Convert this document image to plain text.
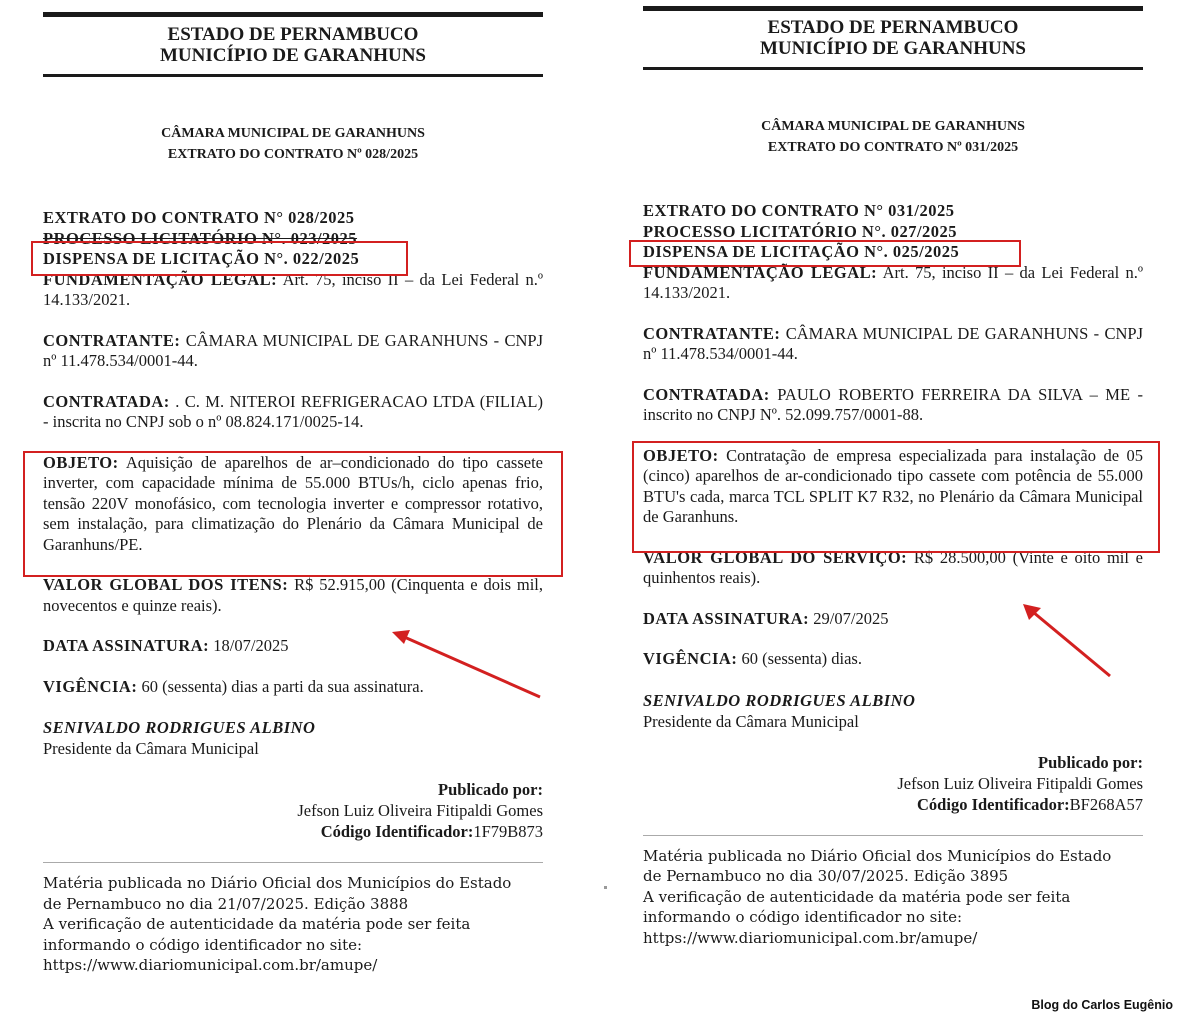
ESTADO DE PERNAMBUCO
MUNICÍPIO DE GARANHUNS
CÂMARA MUNICIPAL DE GARANHUNS
EXTRATO DO CONTRATO Nº 028/2025

EXTRATO DO CONTRATO N° 028/2025

PROCESSO LICITATÓRIO N°. 023/2025

DISPENSA DE LICITAÇÃO N°. 022/2025

FUNDAMENTAÇÃO LEGAL: Art. 75, inciso II – da Lei Federal n.º 14.133/2021.

CONTRATANTE: CÂMARA MUNICIPAL DE GARANHUNS - CNPJ nº 11.478.534/0001-44.

CONTRATADA: . C. M. NITEROI REFRIGERACAO LTDA (FILIAL) - inscrita no CNPJ sob o nº 08.824.171/0025-14.

OBJETO: Aquisição de aparelhos de ar–condicionado do tipo cassete inverter, com capacidade mínima de 55.000 BTUs/h, ciclo apenas frio, tensão 220V monofásico, com tecnologia inverter e compressor rotativo, sem instalação, para climatização do Plenário da Câmara Municipal de Garanhuns/PE.

VALOR GLOBAL DOS ITENS: R$ 52.915,00 (Cinquenta e dois mil, novecentos e quinze reais).

DATA ASSINATURA: 18/07/2025

VIGÊNCIA: 60 (sessenta) dias a parti da sua assinatura.

SENIVALDO RODRIGUES ALBINO
Presidente da Câmara Municipal
Publicado por:
Jefson Luiz Oliveira Fitipaldi Gomes
Código Identificador:1F79B873
Matéria publicada no Diário Oficial dos Municípios do Estado
de Pernambuco no dia 21/07/2025. Edição 3888
A verificação de autenticidade da matéria pode ser feita
informando o código identificador no site:
https://www.diariomunicipal.com.br/amupe/
ESTADO DE PERNAMBUCO
MUNICÍPIO DE GARANHUNS
CÂMARA MUNICIPAL DE GARANHUNS
EXTRATO DO CONTRATO Nº 031/2025

EXTRATO DO CONTRATO N° 031/2025

PROCESSO LICITATÓRIO N°. 027/2025

DISPENSA DE LICITAÇÃO N°. 025/2025

FUNDAMENTAÇÃO LEGAL: Art. 75, inciso II – da Lei Federal n.º 14.133/2021.

CONTRATANTE: CÂMARA MUNICIPAL DE GARANHUNS - CNPJ nº 11.478.534/0001-44.

CONTRATADA: PAULO ROBERTO FERREIRA DA SILVA – ME - inscrito no CNPJ Nº. 52.099.757/0001-88.

OBJETO: Contratação de empresa especializada para instalação de 05 (cinco) aparelhos de ar-condicionado tipo cassete com potência de 55.000 BTU's cada, marca TCL SPLIT K7 R32, no Plenário da Câmara Municipal de Garanhuns.

VALOR GLOBAL DO SERVIÇO: R$ 28.500,00 (Vinte e oito mil e quinhentos reais).

DATA ASSINATURA: 29/07/2025

VIGÊNCIA: 60 (sessenta) dias.

SENIVALDO RODRIGUES ALBINO
Presidente da Câmara Municipal
Publicado por:
Jefson Luiz Oliveira Fitipaldi Gomes
Código Identificador:BF268A57
Matéria publicada no Diário Oficial dos Municípios do Estado
de Pernambuco no dia 30/07/2025. Edição 3895
A verificação de autenticidade da matéria pode ser feita
informando o código identificador no site:
https://www.diariomunicipal.com.br/amupe/
Blog do Carlos Eugênio
